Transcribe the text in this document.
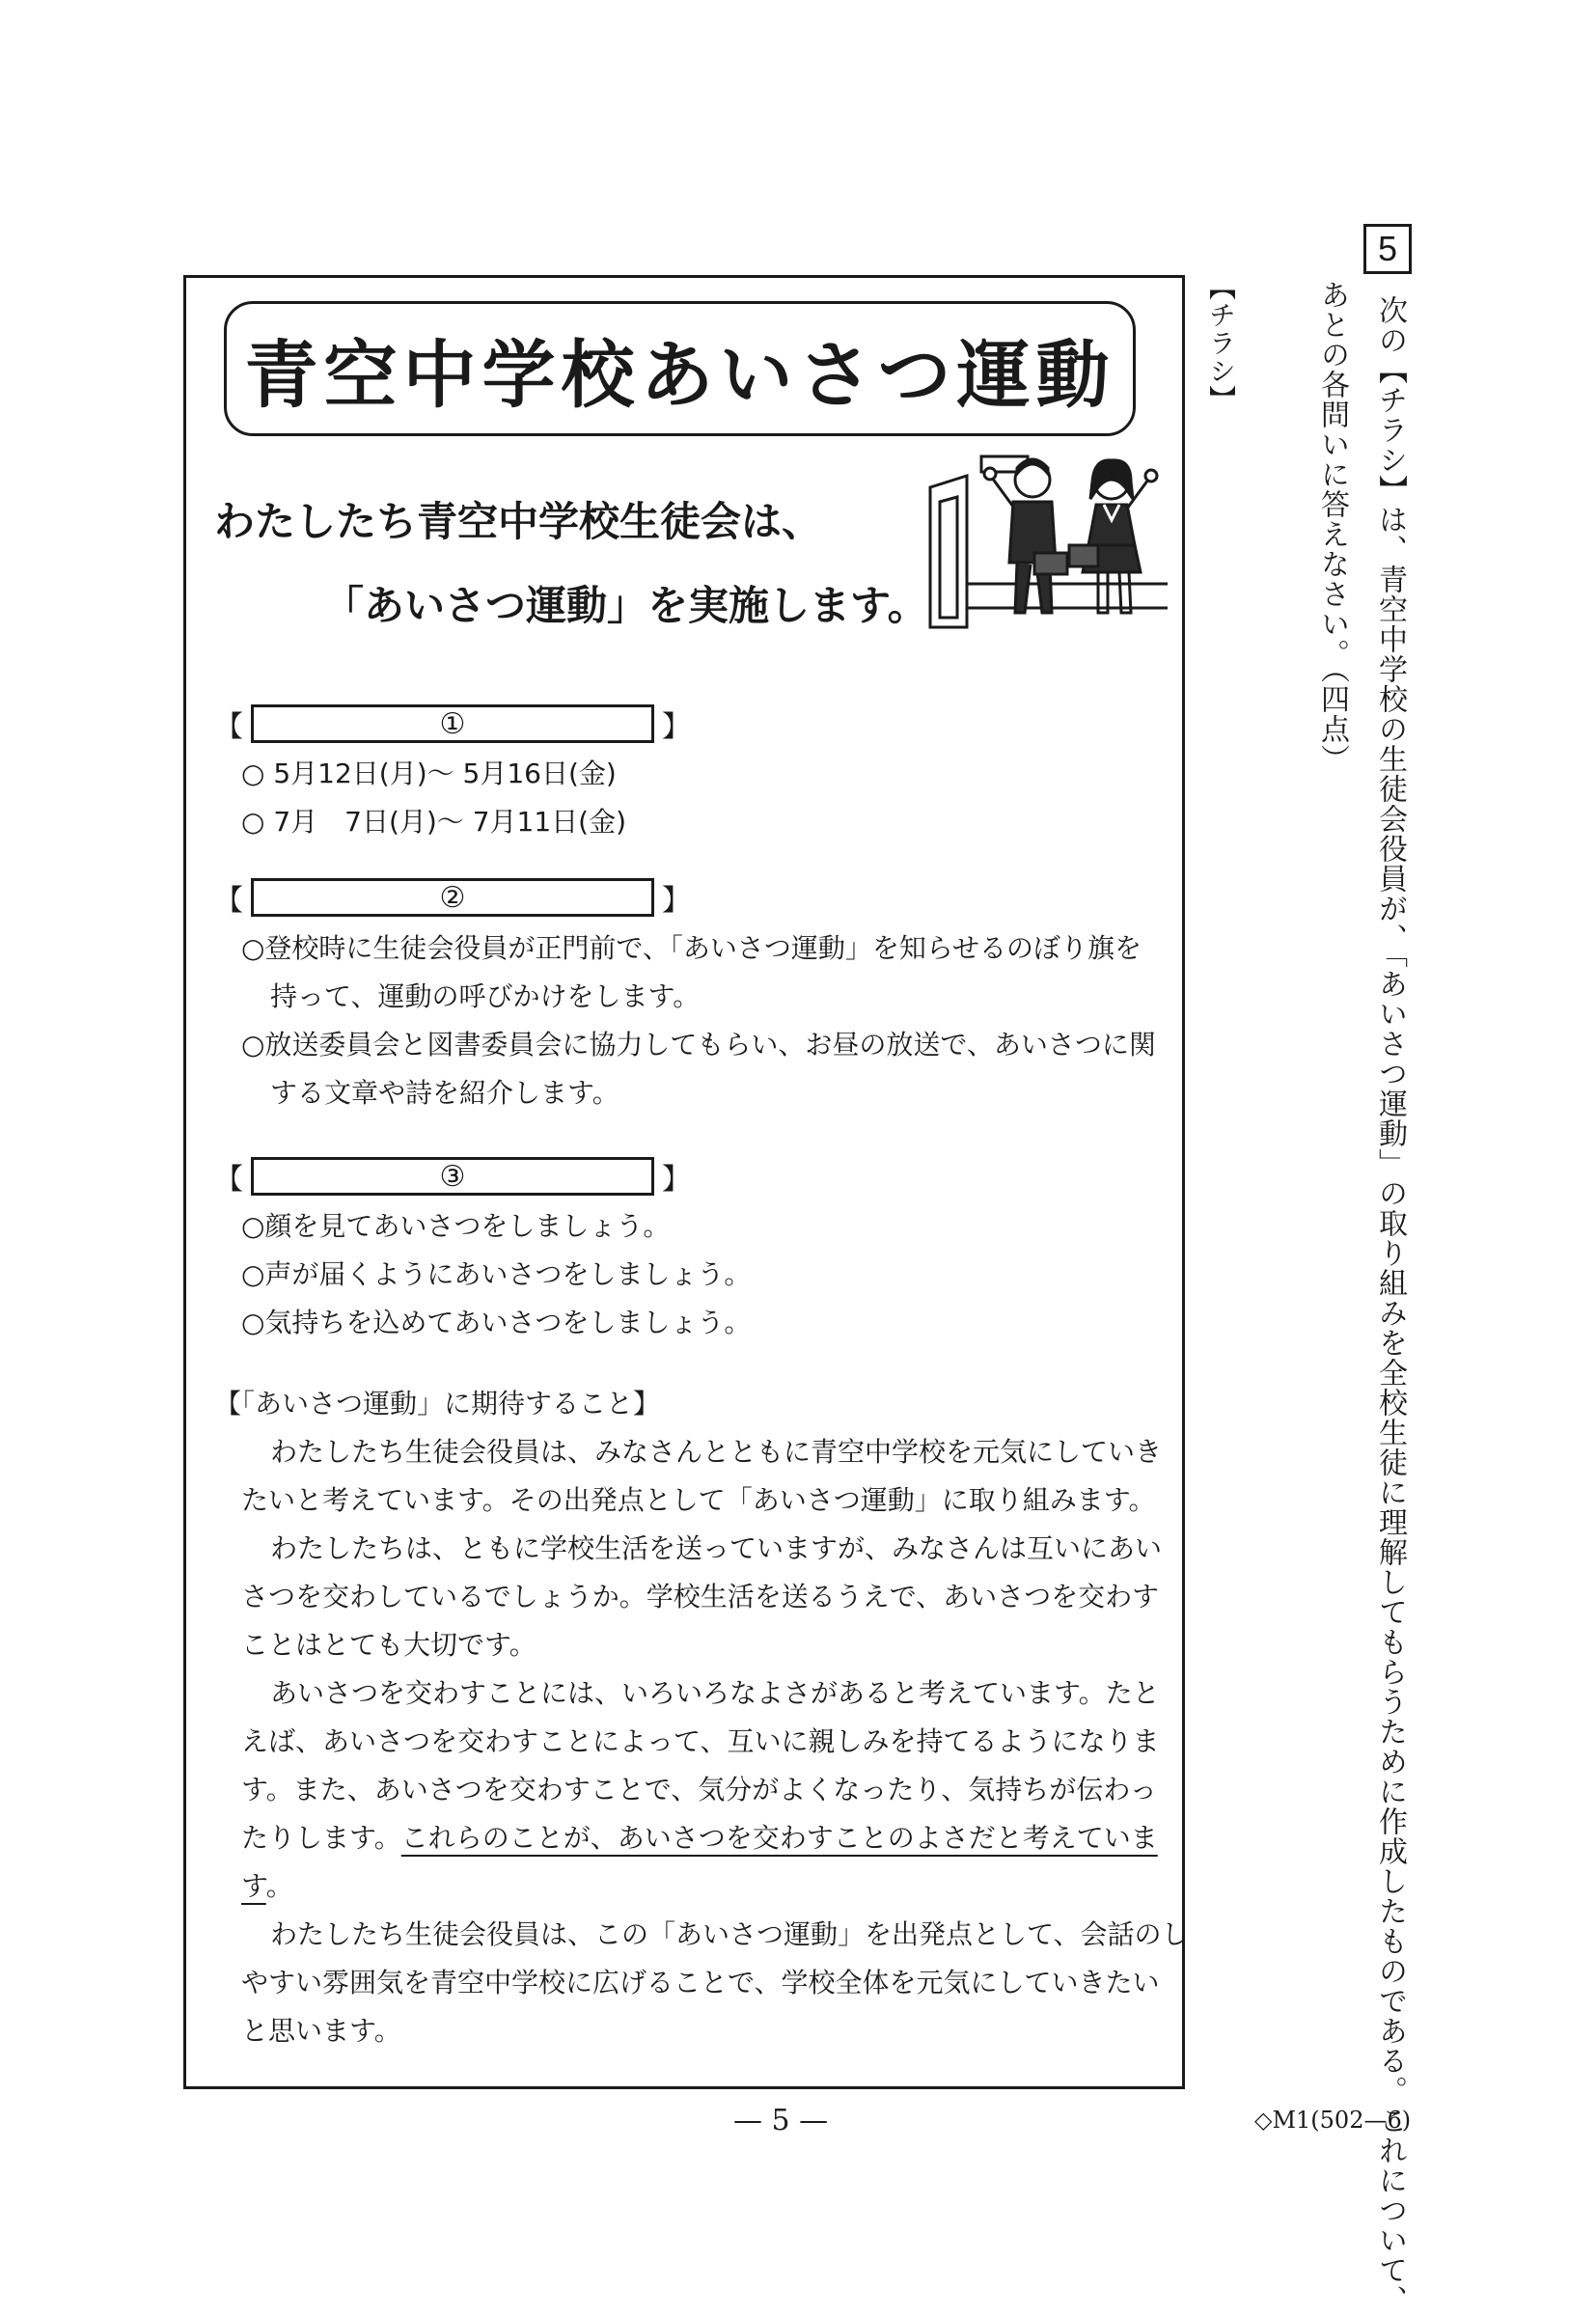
5
次の【チラシ】は、青空中学校の生徒会役員が、「あいさつ運動」の取り組みを全校生徒に理解してもらうために作成したものである。これについて、
あとの各問いに答えなさい。（四点）
【チラシ】
青空中学校あいさつ運動
わたしたち青空中学校生徒会は、
「あいさつ運動」を実施します。
【	①	】
○ 5月12日(月)～ 5月16日(金)
○ 7月　7日(月)～ 7月11日(金)
【	②	】
○登校時に生徒会役員が正門前で、「あいさつ運動」を知らせるのぼり旗を
持って、運動の呼びかけをします。
○放送委員会と図書委員会に協力してもらい、お昼の放送で、あいさつに関
する文章や詩を紹介します。
【	③	】
○顔を見てあいさつをしましょう。
○声が届くようにあいさつをしましょう。
○気持ちを込めてあいさつをしましょう。
【「あいさつ運動」に期待すること】
わたしたち生徒会役員は、みなさんとともに青空中学校を元気にしていき
たいと考えています。その出発点として「あいさつ運動」に取り組みます。
わたしたちは、ともに学校生活を送っていますが、みなさんは互いにあい
さつを交わしているでしょうか。学校生活を送るうえで、あいさつを交わす
ことはとても大切です。
あいさつを交わすことには、いろいろなよさがあると考えています。たと
えば、あいさつを交わすことによって、互いに親しみを持てるようになりま
す。また、あいさつを交わすことで、気分がよくなったり、気持ちが伝わっ
たりします。これらのことが、あいさつを交わすことのよさだと考えていま
す。
わたしたち生徒会役員は、この「あいさつ運動」を出発点として、会話のし
やすい雰囲気を青空中学校に広げることで、学校全体を元気にしていきたい
と思います。
— 5 —	◇M1(502—6)
